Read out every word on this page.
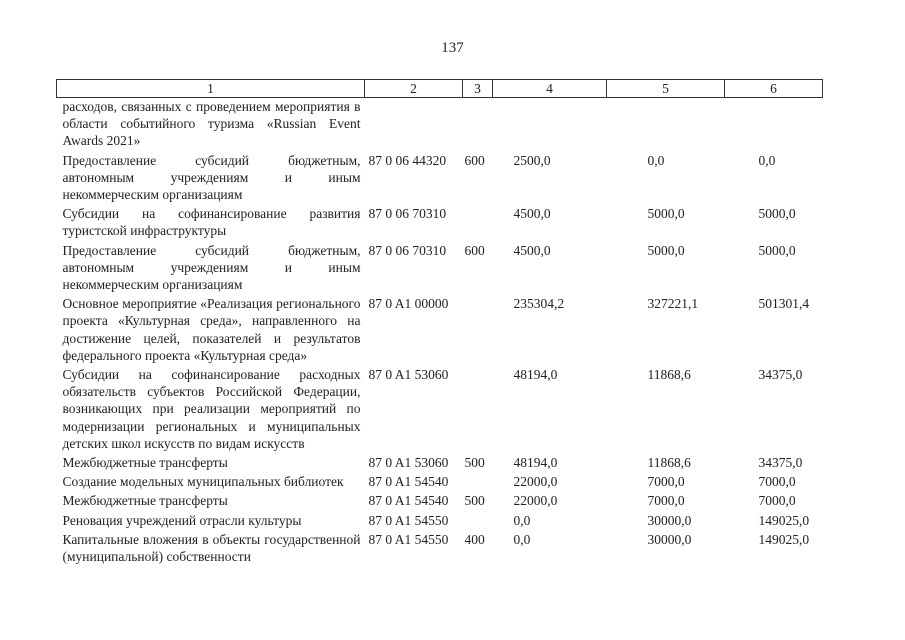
137
1	2	3	4	5	6
расходов, связанных с проведением мероприятия в области событийного туризма «Russian Event Awards 2021»					
Предоставление субсидий бюджетным, автономным учреждениям и иным некоммерческим организациям	87 0 06 44320	600	2500,0	0,0	0,0
Субсидии на софинансирование развития туристской инфраструктуры	87 0 06 70310		4500,0	5000,0	5000,0
Предоставление субсидий бюджетным, автономным учреждениям и иным некоммерческим организациям	87 0 06 70310	600	4500,0	5000,0	5000,0
Основное мероприятие «Реализация регионального проекта «Культурная среда», направленного на достижение целей, показателей и результатов федерального проекта «Культурная среда»	87 0 A1 00000		235304,2	327221,1	501301,4
Субсидии на софинансирование расходных обязательств субъектов Российской Федерации, возникающих при реализации мероприятий по модернизации региональных и муниципальных детских школ искусств по видам искусств	87 0 A1 53060		48194,0	11868,6	34375,0
Межбюджетные трансферты	87 0 A1 53060	500	48194,0	11868,6	34375,0
Создание модельных муниципальных библиотек	87 0 A1 54540		22000,0	7000,0	7000,0
Межбюджетные трансферты	87 0 A1 54540	500	22000,0	7000,0	7000,0
Реновация учреждений отрасли культуры	87 0 A1 54550		0,0	30000,0	149025,0
Капитальные вложения в объекты государственной (муниципальной) собственности	87 0 A1 54550	400	0,0	30000,0	149025,0
